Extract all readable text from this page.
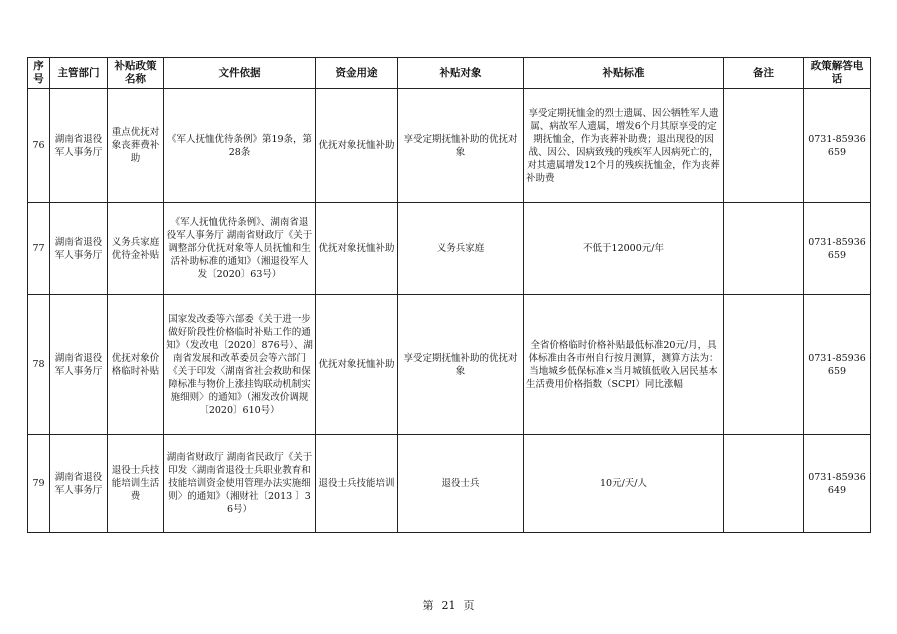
序号	主管部门	补贴政策名称	文件依据	资金用途	补贴对象	补贴标准	备注	政策解答电话
76	湖南省退役军人事务厅	重点优抚对象丧葬费补助	《军人抚恤优待条例》第19条，第28条	优抚对象抚恤补助	享受定期抚恤补助的优抚对象	享受定期抚恤金的烈士遗属、因公牺牲军人遗属、病故军人遗属，增发6个月其原享受的定期抚恤金，作为丧葬补助费；退出现役的因战、因公、因病致残的残疾军人因病死亡的，对其遗属增发12个月的残疾抚恤金，作为丧葬补助费		0731-85936659
77	湖南省退役军人事务厅	义务兵家庭优待金补贴	《军人抚恤优待条例》、湖南省退役军人事务厅 湖南省财政厅《关于调整部分优抚对象等人员抚恤和生活补助标准的通知》（湘退役军人发〔2020〕63号）	优抚对象抚恤补助	义务兵家庭	不低于12000元/年		0731-85936659
78	湖南省退役军人事务厅	优抚对象价格临时补贴	国家发改委等六部委《关于进一步做好阶段性价格临时补贴工作的通知》（发改电〔2020〕876号）、湖南省发展和改革委员会等六部门《关于印发〈湖南省社会救助和保障标准与物价上涨挂钩联动机制实施细则〉的通知》（湘发改价调规〔2020〕610号）	优抚对象抚恤补助	享受定期抚恤补助的优抚对象	全省价格临时价格补贴最低标准20元/月，具体标准由各市州自行按月测算，测算方法为：当地城乡低保标准×当月城镇低收入居民基本生活费用价格指数（SCPI）同比涨幅		0731-85936659
79	湖南省退役军人事务厅	退役士兵技能培训生活费	湖南省财政厅 湖南省民政厅《关于印发〈湖南省退役士兵职业教育和技能培训资金使用管理办法实施细则〉的通知》（湘财社〔2013 〕36号）	退役士兵技能培训	退役士兵	10元/天/人		0731-85936649
第 21 页
